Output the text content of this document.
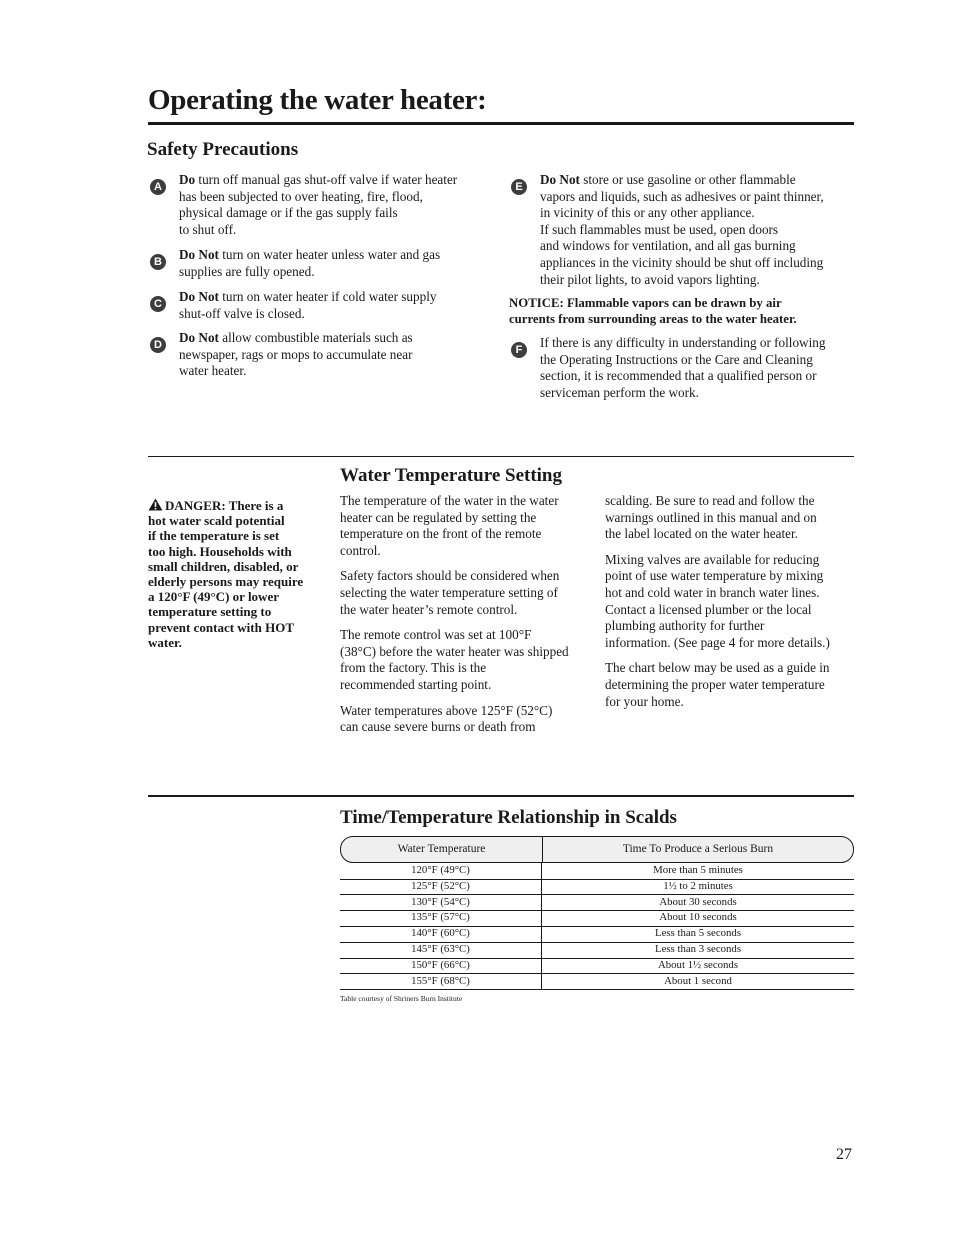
Operating the water heater:
Safety Precautions
A	Do turn off manual gas shut-off valve if water heater
has been subjected to over heating, fire, flood,
physical damage or if the gas supply fails
to shut off.
B	Do Not turn on water heater unless water and gas
supplies are fully opened.
C	Do Not turn on water heater if cold water supply
shut-off valve is closed.
D	Do Not allow combustible materials such as
newspaper, rags or mops to accumulate near
water heater.
E	Do Not store or use gasoline or other flammable
vapors and liquids, such as adhesives or paint thinner,
in vicinity of this or any other appliance.
If such flammables must be used, open doors
and windows for ventilation, and all gas burning
appliances in the vicinity should be shut off including
their pilot lights, to avoid vapors lighting.
F	If there is any difficulty in understanding or following
the Operating Instructions or the Care and Cleaning
section, it is recommended that a qualified person or
serviceman perform the work.
NOTICE: Flammable vapors can be drawn by air
currents from surrounding areas to the water heater.
Water Temperature Setting
DANGER: There is a
hot water scald potential
if the temperature is set
too high. Households with
small children, disabled, or
elderly persons may require
a 120°F (49°C) or lower
temperature setting to
prevent contact with HOT
water.

The temperature of the water in the water
heater can be regulated by setting the
temperature on the front of the remote
control.

Safety factors should be considered when
selecting the water temperature setting of
the water heater’s remote control.

The remote control was set at 100°F
(38°C) before the water heater was shipped
from the factory. This is the
recommended starting point.

Water temperatures above 125°F (52°C)
can cause severe burns or death from

scalding. Be sure to read and follow the
warnings outlined in this manual and on
the label located on the water heater.

Mixing valves are available for reducing
point of use water temperature by mixing
hot and cold water in branch water lines.
Contact a licensed plumber or the local
plumbing authority for further
information. (See page 4 for more details.)

The chart below may be used as a guide in
determining the proper water temperature
for your home.

Time/Temperature Relationship in Scalds
Water Temperature	Time To Produce a Serious Burn
120°F (49°C)	More than 5 minutes
125°F (52°C)	1½ to 2 minutes
130°F (54°C)	About 30 seconds
135°F (57°C)	About 10 seconds
140°F (60°C)	Less than 5 seconds
145°F (63°C)	Less than 3 seconds
150°F (66°C)	About 1½ seconds
155°F (68°C)	About 1 second
Table courtesy of Shriners Burn Institute
27
